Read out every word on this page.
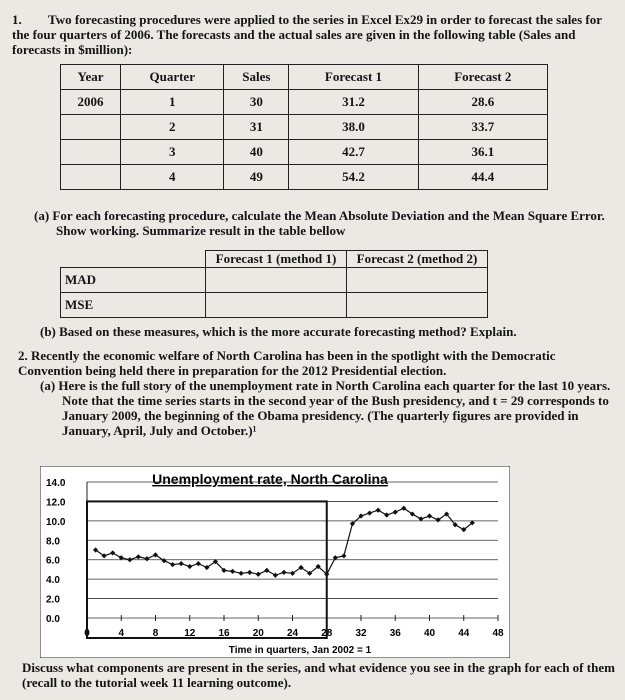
1. Two forecasting procedures were applied to the series in Excel Ex29 in order to forecast the sales for the four quarters of 2006. The forecasts and the actual sales are given in the following table (Sales and forecasts in $million):
Year	Quarter	Sales	Forecast 1	Forecast 2
2006	1	30	31.2	28.6
	2	31	38.0	33.7
	3	40	42.7	36.1
	4	49	54.2	44.4
(a) For each forecasting procedure, calculate the Mean Absolute Deviation and the Mean Square Error.
Show working. Summarize result in the table bellow
	Forecast 1 (method 1)	Forecast 2 (method 2)
MAD		
MSE		
(b) Based on these measures, which is the more accurate forecasting method? Explain.
2. Recently the economic welfare of North Carolina has been in the spotlight with the Democratic Convention being held there in preparation for the 2012 Presidential election.
(a) Here is the full story of the unemployment rate in North Carolina each quarter for the last 10 years.
Note that the time series starts in the second year of the Bush presidency, and t = 29 corresponds to January 2009, the beginning of the Obama presidency. (The quarterly figures are provided in January, April, July and October.)¹
Unemployment rate, North Carolina
Time in quarters, Jan 2002 = 1
14.0
12.0
10.0
8.0
6.0
4.0
2.0
0.0
0	4	8	12 16 20 24 28 32 36 40 44 48
Discuss what components are present in the series, and what evidence you see in the graph for each of them (recall to the tutorial week 11 learning outcome).
